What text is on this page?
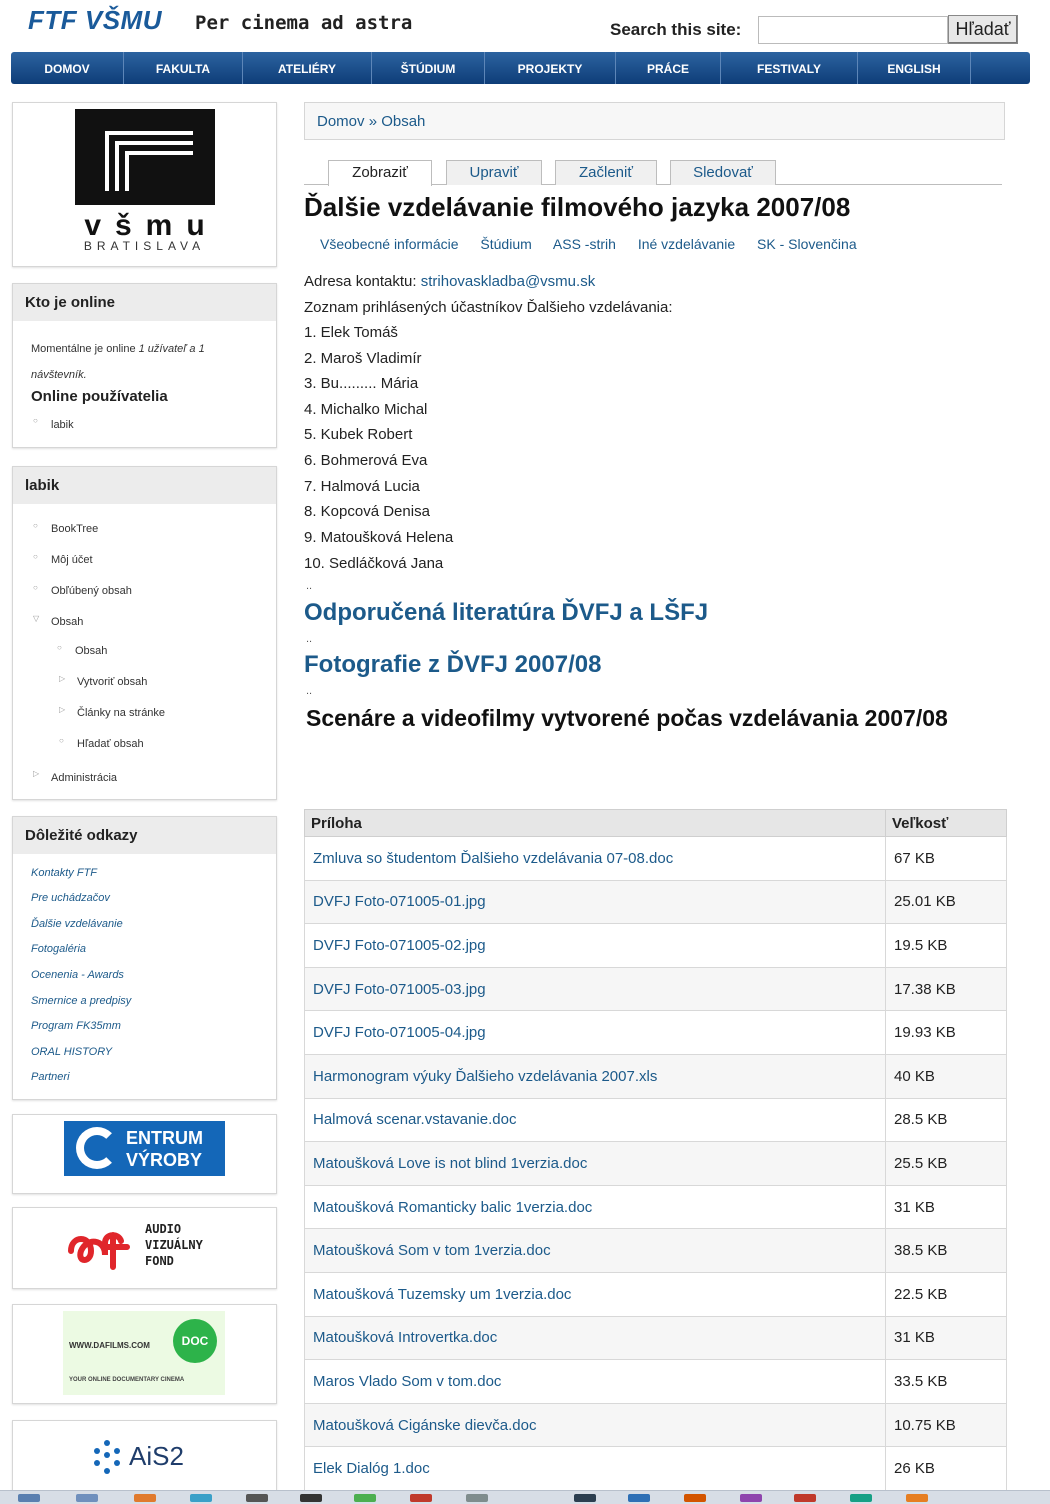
FTF VŠMU Per cinema ad astra	Search this site:	Hľadať
DOMOV	FAKULTA	ATELIÉRY	ŠTÚDIUM	PROJEKTY	PRÁCE	FESTIVALY	ENGLISH
všmu
BRATISLAVA
Kto je online
Momentálne je online 1 užívateľ a 1
návštevník.
Online používatelia
○ labik
labik
○ BookTree
○ Môj účet
○ Obľúbený obsah
▽ Obsah
○ Obsah
▷ Vytvoriť obsah
▷ Články na stránke
○ Hľadať obsah
▷ Administrácia
Dôležité odkazy
Kontakty FTF
Pre uchádzačov
Ďalšie vzdelávanie
Fotogaléria
Ocenenia - Awards
Smernice a predpisy
Program FK35mm
ORAL HISTORY
Partneri
ENTRUM
VÝROBY
AUDIO
VIZUÁLNY
FOND
WWW.DAFILMS.COM	DOC
YOUR ONLINE DOCUMENTARY CINEMA
AiS2
Domov » Obsah
Zobraziť	Upraviť	Začleniť	Sledovať
Ďalšie vzdelávanie filmového jazyka 2007/08
Všeobecné informácie Štúdium ASS -strih Iné vzdelávanie SK - Slovenčina
Adresa kontaktu: strihovaskladba@vsmu.sk
Zoznam prihlásených účastníkov Ďalšieho vzdelávania:
1. Elek Tomáš
2. Maroš Vladimír
3. Bu......... Mária
4. Michalko Michal
5. Kubek Robert
6. Bohmerová Eva
7. Halmová Lucia
8. Kopcová Denisa
9. Matoušková Helena
10. Sedláčková Jana
..
Odporučená literatúra ĎVFJ a LŠFJ
..
Fotografie z ĎVFJ 2007/08
..
Scenáre a videofilmy vytvorené počas vzdelávania 2007/08
Príloha	Veľkosť
Zmluva so študentom Ďalšieho vzdelávania 07-08.doc	67 KB
DVFJ Foto-071005-01.jpg	25.01 KB
DVFJ Foto-071005-02.jpg	19.5 KB
DVFJ Foto-071005-03.jpg	17.38 KB
DVFJ Foto-071005-04.jpg	19.93 KB
Harmonogram výuky Ďalšieho vzdelávania 2007.xls	40 KB
Halmová scenar.vstavanie.doc	28.5 KB
Matoušková Love is not blind 1verzia.doc	25.5 KB
Matoušková Romanticky balic 1verzia.doc	31 KB
Matoušková Som v tom 1verzia.doc	38.5 KB
Matoušková Tuzemsky um 1verzia.doc	22.5 KB
Matoušková Introvertka.doc	31 KB
Maros Vlado Som v tom.doc	33.5 KB
Matoušková Cigánske dievča.doc	10.75 KB
Elek Dialóg 1.doc	26 KB
